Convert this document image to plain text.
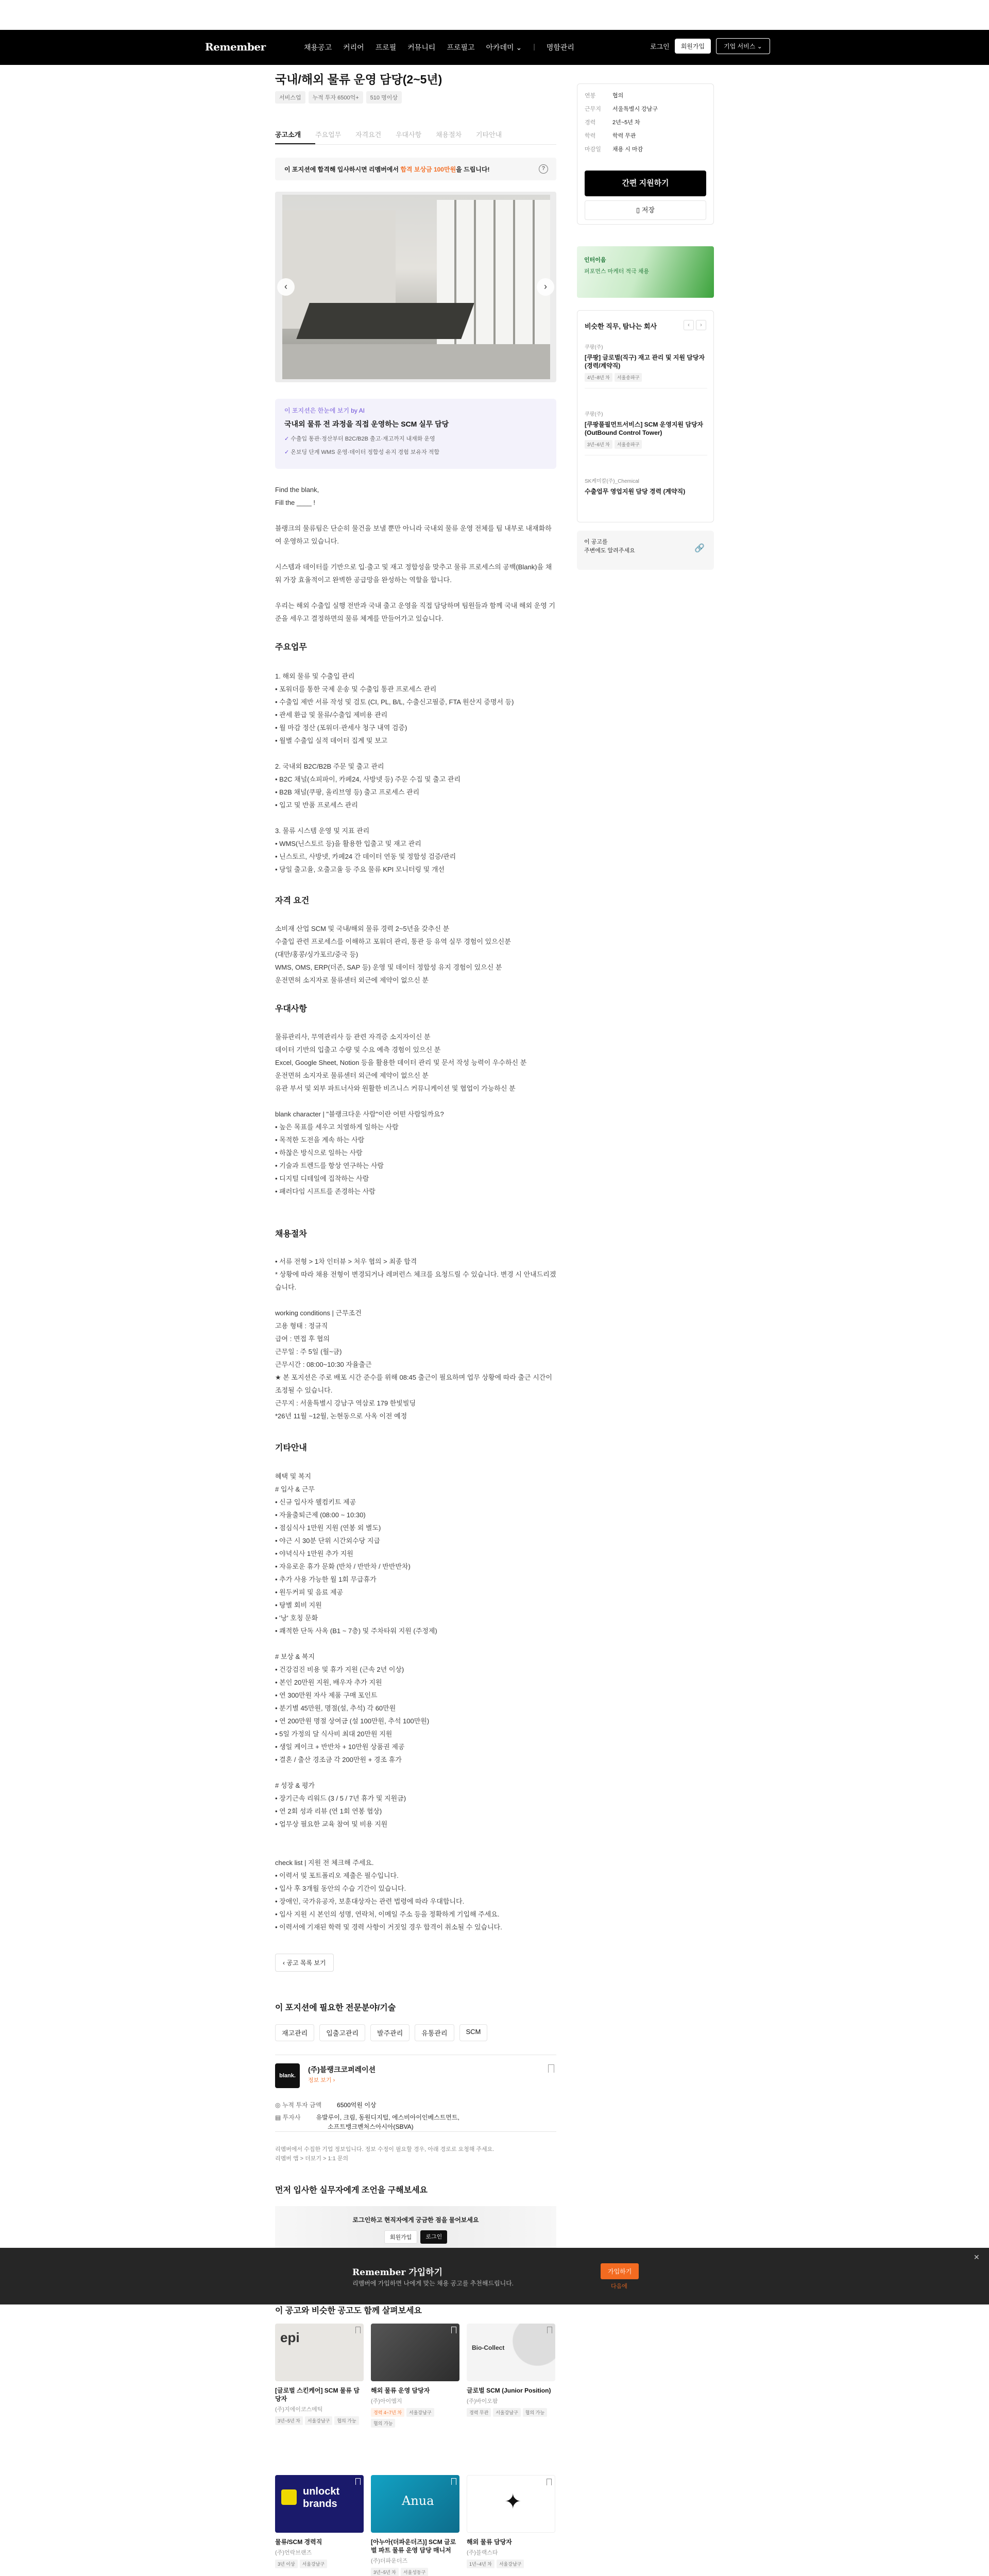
Remember	채용공고 커리어 프로필 커뮤니티 프로필고 아카데미 ⌄ | 명함관리	로그인	회원가입	기업 서비스 ⌄
국내/해외 물류 운영 담당(2~5년)
서비스업	누적 투자 6500억+	510 명이상
공고소개	주요업무	자격요건	우대사항	채용절차	기타안내
이 포지션에 합격해 입사하시면 리멤버에서 합격 보상금 100만원을 드립니다!	?
‹	›
이 포지션은 한눈에 보기 by AI
국내외 물류 전 과정을 직접 운영하는 SCM 실무 담당
✓ 수출입 통관·정산부터 B2C/B2B 출고·재고까지 내재화 운영
✓ 온보딩 단계 WMS 운영·데이터 정합성 유지 경험 보유자 적합
Find the blank,
Fill the ____ !

블랭크의 물류팀은 단순히 물건을 보낼 뿐만 아니라 국내외 물류 운영 전체를 팀 내부로 내재화하여 운영하고 있습니다.

시스템과 데이터를 기반으로 입·출고 및 재고 정합성을 맞추고 물류 프로세스의 공백(Blank)을 채워 가장 효율적이고 완벽한 공급망을 완성하는 역할을 합니다.

우리는 해외 수출입 실행 전반과 국내 출고 운영을 직접 담당하며 팀원들과 함께 국내 해외 운영 기준을 세우고 결정하면의 물류 체계를 만들어가고 있습니다.
주요업무
1. 해외 물류 및 수출입 관리
• 포워더를 통한 국제 운송 및 수출입 통관 프로세스 관리
• 수출입 제반 서류 작성 및 검토 (CI, PL, B/L, 수출신고필증, FTA 원산지 증명서 등)
• 관세 환급 및 물류/수출입 제비용 관리
• 월 마감 정산 (포워더·관세사 청구 내역 검증)
• 월별 수출입 실적 데이터 집계 및 보고

2. 국내외 B2C/B2B 주문 및 출고 관리
• B2C 채널(쇼피파이, 카페24, 사방넷 등) 주문 수집 및 출고 관리
• B2B 채널(쿠팡, 올리브영 등) 출고 프로세스 관리
• 입고 및 반품 프로세스 관리

3. 물류 시스템 운영 및 지표 관리
• WMS(닌스토르 등)을 활용한 입출고 및 재고 관리
• 닌스토르, 사방넷, 카페24 간 데이터 연동 및 정합성 검증/관리
• 당일 출고율, 오출고율 등 주요 물류 KPI 모니터링 및 개선
자격 요건
소비재 산업 SCM 및 국내/해외 물류 경력 2~5년을 갖추신 분
수출입 관련 프로세스를 이해하고 포워더 관리, 통관 등 유역 실무 경험이 있으신분
(대만/홍콩/싱가포르/중국 등)
WMS, OMS, ERP(더존, SAP 등) 운영 및 데이터 정합성 유지 경험이 있으신 분
운전면허 소지자로 물류센터 외근에 제약이 없으신 분
우대사항
물류관리사, 무역관리사 등 관련 자격증 소지자이신 분
데이터 기반의 입출고 수량 및 수요 예측 경험이 있으신 분
Excel, Google Sheet, Notion 등을 활용한 데이터 관리 및 문서 작성 능력이 우수하신 분
운전면허 소지자로 물류센터 외근에 제약이 없으신 분
유관 부서 및 외부 파트너사와 원활한 비즈니스 커뮤니케이션 및 협업이 가능하신 분

blank character | "블랭크다운 사람"이란 어떤 사람일까요?
• 높은 목표를 세우고 치열하게 일하는 사람
• 목적한 도전을 계속 하는 사람
• 하찮은 방식으로 일하는 사람
• 기술과 트렌드를 항상 연구하는 사람
• 디지털 디테일에 집착하는 사람
• 패러다임 시프트를 존경하는 사람
채용절차
• 서류 전형 > 1차 인터뷰 > 처우 협의 > 최종 합격
* 상황에 따라 채용 전형이 변경되거나 레퍼런스 체크를 요청드릴 수 있습니다. 변경 시 안내드리겠습니다.

working conditions | 근무조건
고용 형태 : 정규직
급여 : 면접 후 협의
근무일 : 주 5일 (월~금)
근무시간 : 08:00~10:30 자율출근
★ 본 포지션은 주로 배포 시간 준수를 위해 08:45 출근이 필요하며 업무 상황에 따라 출근 시간이 조정될 수 있습니다.
근무지 : 서울특별시 강남구 역삼로 179 한빛빌딩
*26년 11월 ~12월, 논현동으로 사옥 이전 예정
기타안내
혜택 및 복지
# 입사 & 근무
• 신규 입사자 웰컴키트 제공
• 자율출퇴근제 (08:00 ~ 10:30)
• 점심식사 1만원 지원 (연봉 외 별도)
• 야근 시 30분 단위 시간외수당 지급
• 야녁식사 1만원 추가 지원
• 자유로운 휴가 문화 (반차 / 반반차 / 반반반차)
• 추가 사용 가능한 월 1회 무급휴가
• 원두커피 및 음료 제공
• 탕별 회비 지원
• '낭' 호칭 문화
• 쾌적한 단독 사옥 (B1 ~ 7층) 및 주차타워 지원 (주정제)

# 보상 & 복지
• 건강검진 비용 및 휴가 지원 (근속 2년 이상)
• 본인 20만원 지원, 배우자 추가 지원
• 연 300만원 자사 제품 구매 포인트
• 분기별 45만원, 명절(설, 추석) 각 60만원
• 연 200만원 명절 상여금 (설 100만원, 추석 100만원)
• 5일 가정의 달 식사비 최대 20만원 지원
• 생일 케이크 + 반반차 + 10만원 상품권 제공
• 결혼 / 출산 경조금 각 200만원 + 경조 휴가

# 성장 & 평가
• 장기근속 리워드 (3 / 5 / 7년 휴가 및 지원금)
• 연 2회 성과 리뷰 (연 1회 연봉 협상)
• 업무상 필요한 교육 참여 및 비용 지원

check list | 지원 전 체크해 주세요.
• 이력서 및 포트폴리오 제출은 필수입니다.
• 입사 후 3개월 동안의 수습 기간이 있습니다.
• 장애인, 국가유공자, 보훈대상자는 관련 법령에 따라 우대합니다.
• 입사 지원 시 본인의 성명, 연락처, 이메일 주소 등을 정확하게 기입해 주세요.
• 이력서에 기재된 학력 및 경력 사항이 거짓일 경우 합격이 취소될 수 있습니다.
‹ 공고 목록 보기
이 포지션에 필요한 전문분야/기술
재고관리	입출고관리	발주관리	유통관리	SCM
blank.
(주)블랭크코퍼레이션
정보 보기 ›
◎ 누적 투자 금액	6500억원 이상
▤ 투자사	유발루이, 크림, 동원디지털, 에스비아이인베스트먼트,
소프트뱅크벤처스아시아(SBVA)
리멤버에서 수집한 기업 정보입니다. 정보 수정이 필요할 경우, 아래 경로로 요청해 주세요.
리멤버 앱 > 더보기 > 1:1 문의
먼저 입사한 실무자에게 조언을 구해보세요
로그인하고 현직자에게 궁금한 점을 물어보세요
회원가입	로그인
Remember 가입하기
리멤버에 가입하면 나에게 맞는 채용 공고를 추천해드립니다.
가입하기
다음에
✕
이 공고와 비슷한 공고도 함께 살펴보세요
epi
[글로벌 스킨케어] SCM 물류 담당자
(주)지에이코스메틱
3년~5년 차	서울강남구	협의 가능
해외 물류 운영 담당자
(주)아이엠지
경력 4~7년 차	서울강남구
협의 가능
Bio-Collect
글로벌 SCM (Junior Position)
(주)바이오팜
경력 무관	서울강남구	협의 가능
unlockt brands
물류/SCM 경력직
(주)언락브랜즈
3년 이상	서울강남구
Anua
[아누아(더파운더즈)] SCM 글로벌 파트 물류 운영 담당 매니저
(주)더파운더즈
3년~5년 차	서울성동구
✦
해외 물류 담당자
(주)블랙스타
1년~4년 차	서울강남구
연봉	협의
근무지	서울특별시 강남구
경력	2년~5년 차
학력	학력 무관
마감일	채용 시 마감
간편 지원하기
▯ 저장
인터이음
퍼포먼스 마케터 적극 채용
비슷한 직무, 탐나는 회사	‹	›
쿠팡(주)
[쿠팡] 글로벌(직구) 재고 관리 및 지원 담당자 (경력/계약직)
4년~8년 차	서울송파구
쿠팡(주)
[쿠팡풀필먼트서비스] SCM 운영지원 담당자 (OutBound Control Tower)
3년~6년 차	서울송파구
SK케미칼(주)_Chemical
수출업무 영업지원 담당 경력 (계약직)
이 공고를
주변에도 알려주세요	🔗
